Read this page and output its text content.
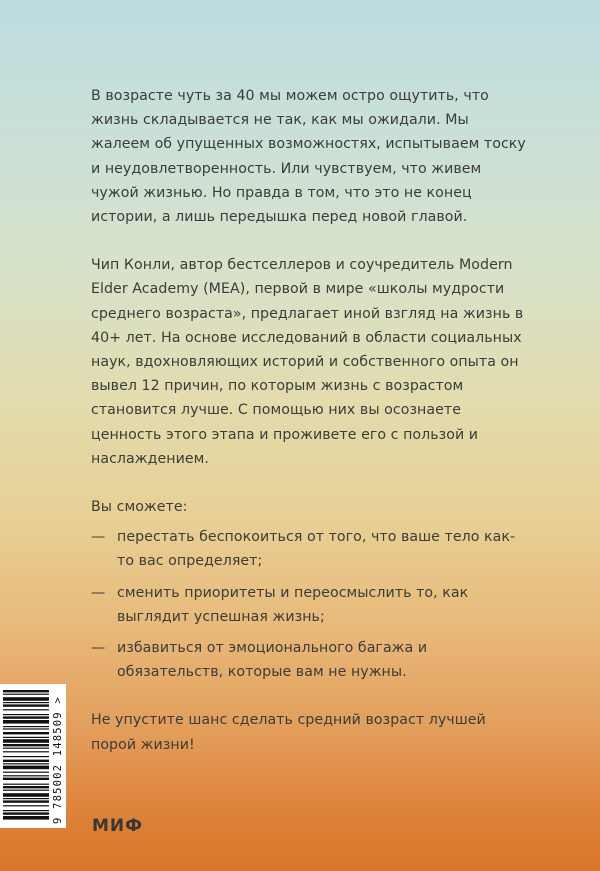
В возрасте чуть за 40 мы можем остро ощутить, что жизнь складывается не так, как мы ожидали. Мы жалеем об упущенных возможностях, испытываем тоску и неудовлетворенность. Или чувствуем, что живем чужой жизнью. Но правда в том, что это не конец истории, а лишь передышка перед новой главой.

Чип Конли, автор бестселлеров и соучредитель Modern Elder Academy (MEA), первой в мире «школы мудрости среднего возраста», предлагает иной взгляд на жизнь в 40+ лет. На основе исследований в области социальных наук, вдохновляющих историй и собственного опыта он вывел 12 причин, по которым жизнь с возрастом становится лучше. С помощью них вы осознаете ценность этого этапа и проживете его с пользой и наслаждением.

Вы сможете:

— перестать беспокоиться от того, что ваше тело как-то вас определяет;
— сменить приоритеты и переосмыслить то, как выглядит успешная жизнь;
— избавиться от эмоционального багажа и обязательств, которые вам не нужны.

Не упустите шанс сделать средний возраст лучшей порой жизни!

9 785002 148509 >
МИФ
